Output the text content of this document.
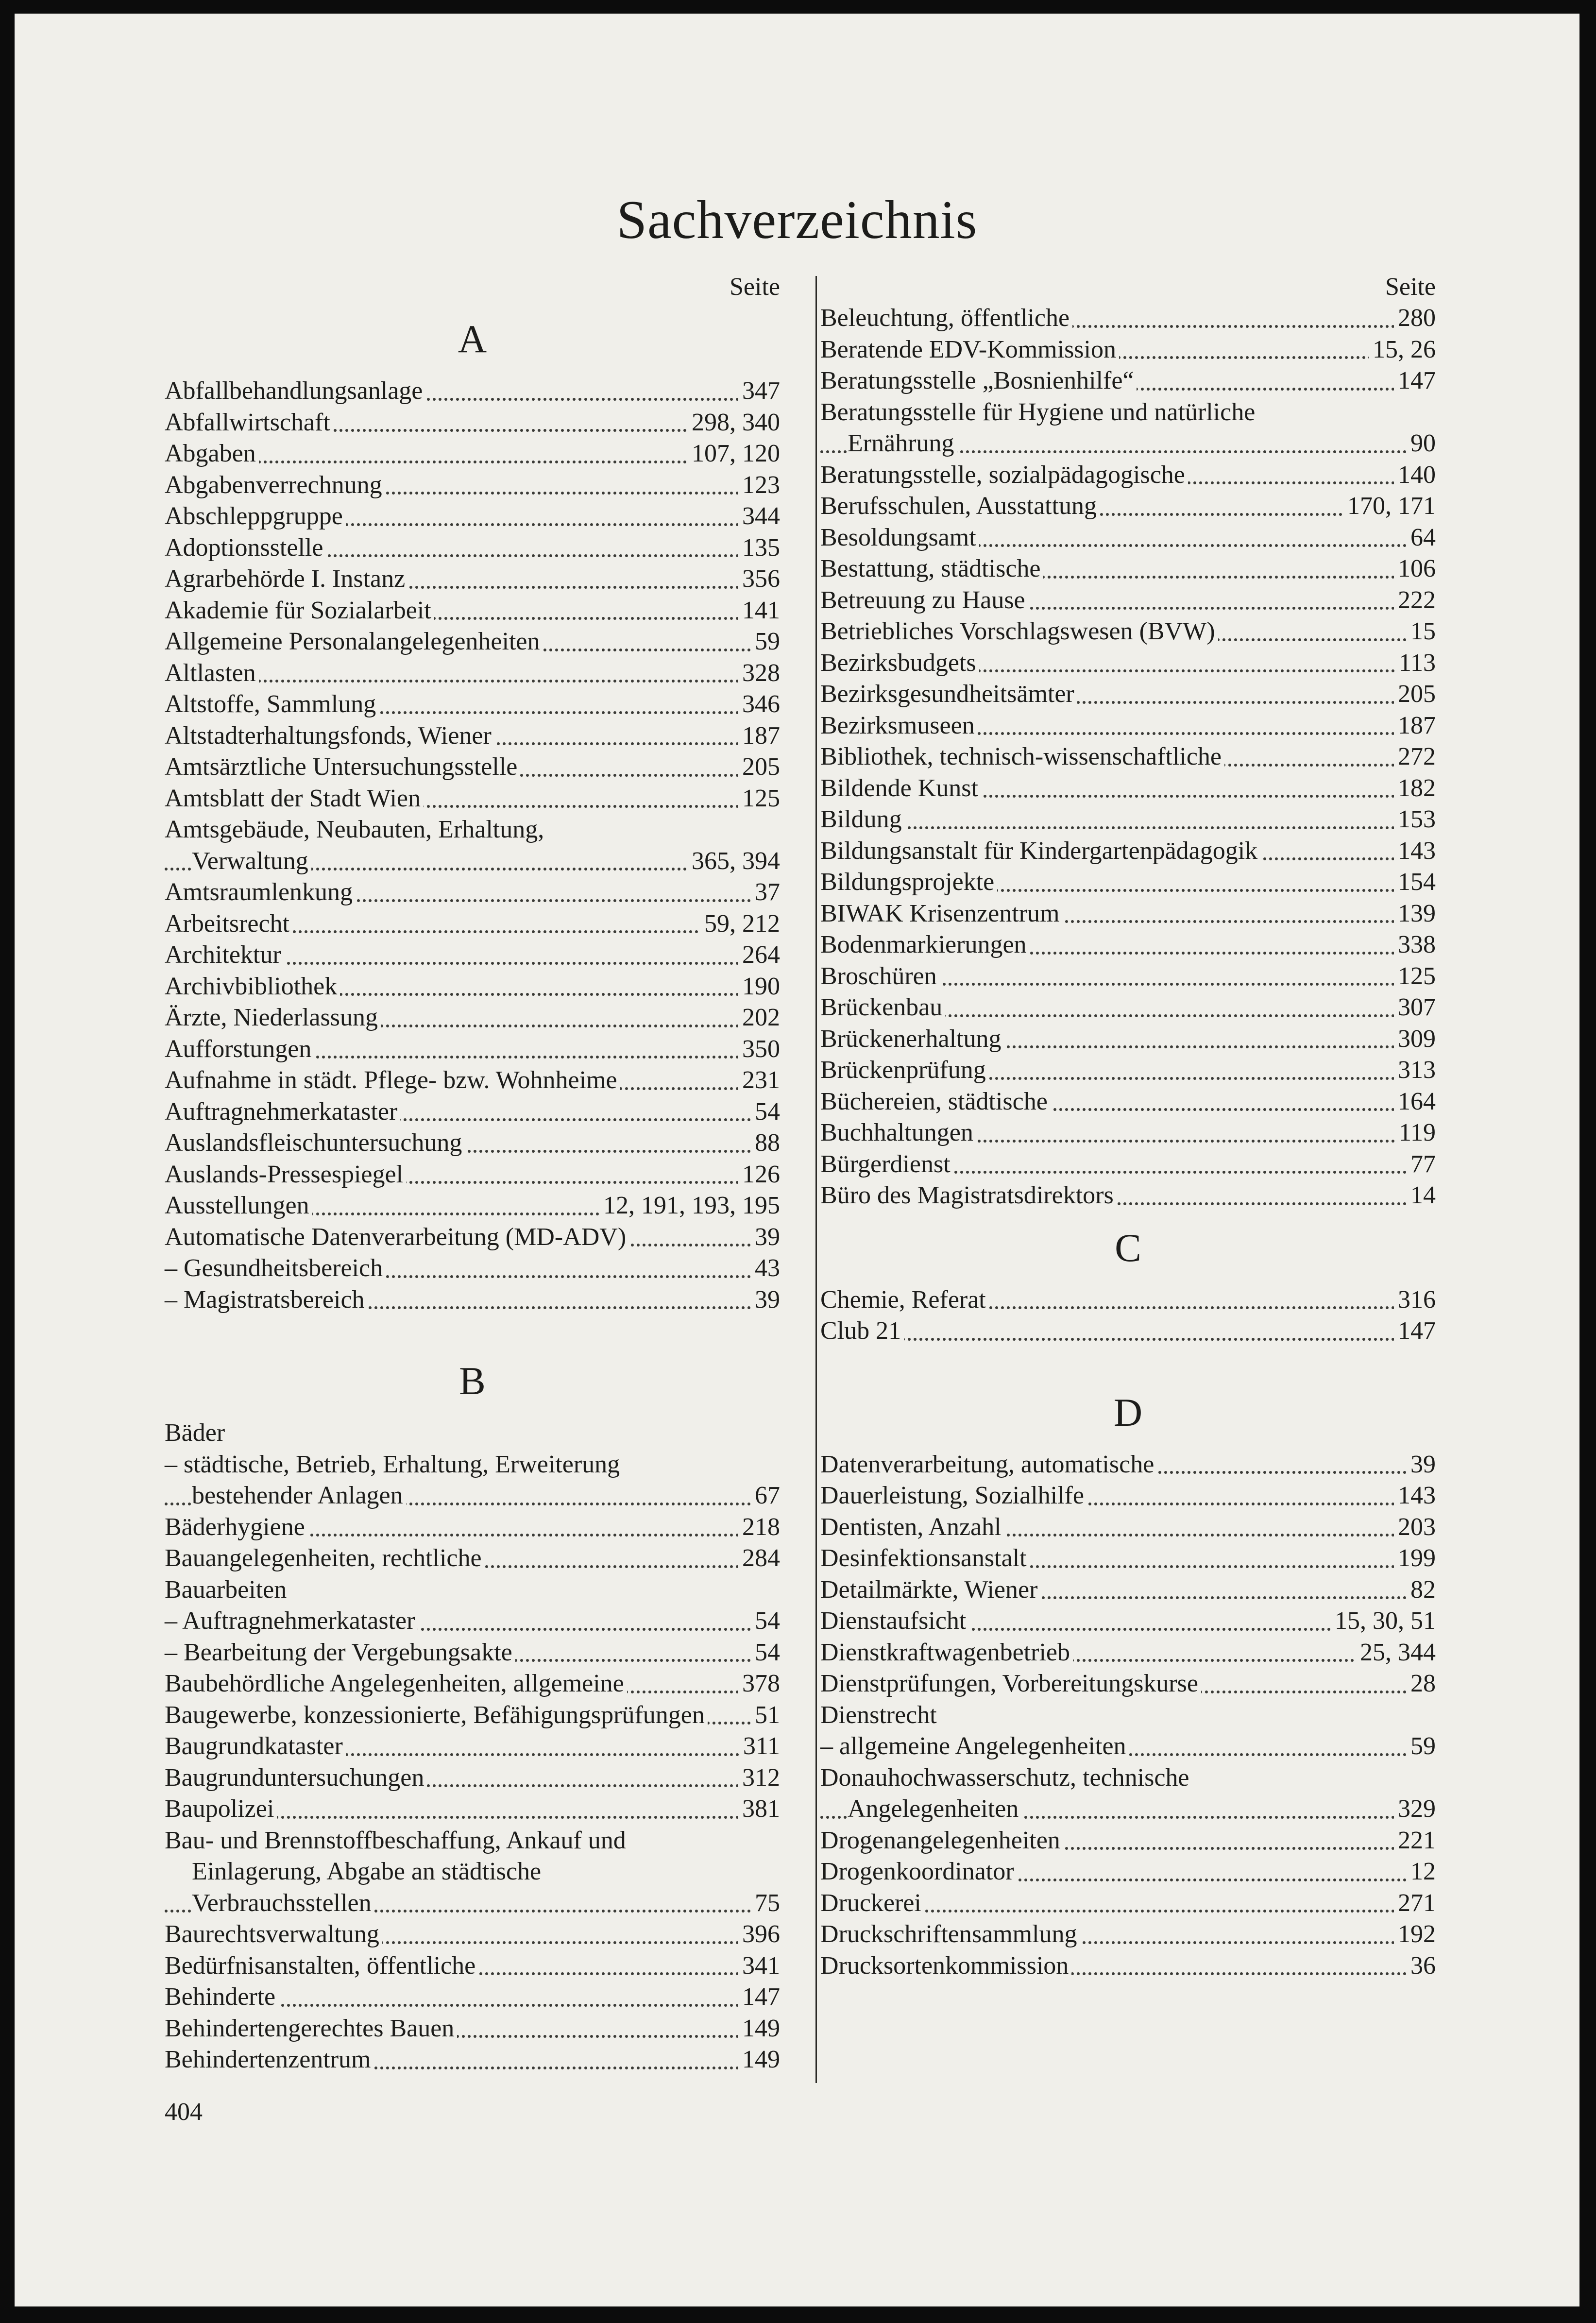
Sachverzeichnis
Seite
A
Abfallbehandlungsanlage	347
Abfallwirtschaft	298, 340
Abgaben	107, 120
Abgabenverrechnung	123
Abschleppgruppe	344
Adoptionsstelle	135
Agrarbehörde I. Instanz	356
Akademie für Sozialarbeit	141
Allgemeine Personalangelegenheiten	59
Altlasten	328
Altstoffe, Sammlung	346
Altstadterhaltungsfonds, Wiener	187
Amtsärztliche Untersuchungsstelle	205
Amtsblatt der Stadt Wien	125
Amtsgebäude, Neubauten, Erhaltung,
Verwaltung	365, 394
Amtsraumlenkung	37
Arbeitsrecht	59, 212
Architektur	264
Archivbibliothek	190
Ärzte, Niederlassung	202
Aufforstungen	350
Aufnahme in städt. Pflege- bzw. Wohnheime	231
Auftragnehmerkataster	54
Auslandsfleischuntersuchung	88
Auslands-Pressespiegel	126
Ausstellungen	12, 191, 193, 195
Automatische Datenverarbeitung (MD-ADV)	39
– Gesundheitsbereich	43
– Magistratsbereich	39
B
Bäder
– städtische, Betrieb, Erhaltung, Erweiterung
bestehender Anlagen	67
Bäderhygiene	218
Bauangelegenheiten, rechtliche	284
Bauarbeiten
– Auftragnehmerkataster	54
– Bearbeitung der Vergebungsakte	54
Baubehördliche Angelegenheiten, allgemeine	378
Baugewerbe, konzessionierte, Befähigungsprüfungen 51
Baugrundkataster	311
Baugrunduntersuchungen	312
Baupolizei	381
Bau- und Brennstoffbeschaffung, Ankauf und
Einlagerung, Abgabe an städtische
Verbrauchsstellen	75
Baurechtsverwaltung	396
Bedürfnisanstalten, öffentliche	341
Behinderte	147
Behindertengerechtes Bauen	149
Behindertenzentrum	149
Seite
Beleuchtung, öffentliche	280
Beratende EDV-Kommission	15, 26
Beratungsstelle „Bosnienhilfe“	147
Beratungsstelle für Hygiene und natürliche
Ernährung	90
Beratungsstelle, sozialpädagogische	140
Berufsschulen, Ausstattung	170, 171
Besoldungsamt	64
Bestattung, städtische	106
Betreuung zu Hause	222
Betriebliches Vorschlagswesen (BVW)	15
Bezirksbudgets	113
Bezirksgesundheitsämter	205
Bezirksmuseen	187
Bibliothek, technisch-wissenschaftliche	272
Bildende Kunst	182
Bildung	153
Bildungsanstalt für Kindergartenpädagogik	143
Bildungsprojekte	154
BIWAK Krisenzentrum	139
Bodenmarkierungen	338
Broschüren	125
Brückenbau	307
Brückenerhaltung	309
Brückenprüfung	313
Büchereien, städtische	164
Buchhaltungen	119
Bürgerdienst	77
Büro des Magistratsdirektors	14
C
Chemie, Referat	316
Club 21	147
D
Datenverarbeitung, automatische	39
Dauerleistung, Sozialhilfe	143
Dentisten, Anzahl	203
Desinfektionsanstalt	199
Detailmärkte, Wiener	82
Dienstaufsicht	15, 30, 51
Dienstkraftwagenbetrieb	25, 344
Dienstprüfungen, Vorbereitungskurse	28
Dienstrecht
– allgemeine Angelegenheiten	59
Donauhochwasserschutz, technische
Angelegenheiten	329
Drogenangelegenheiten	221
Drogenkoordinator	12
Druckerei	271
Druckschriftensammlung	192
Drucksortenkommission	36
404
